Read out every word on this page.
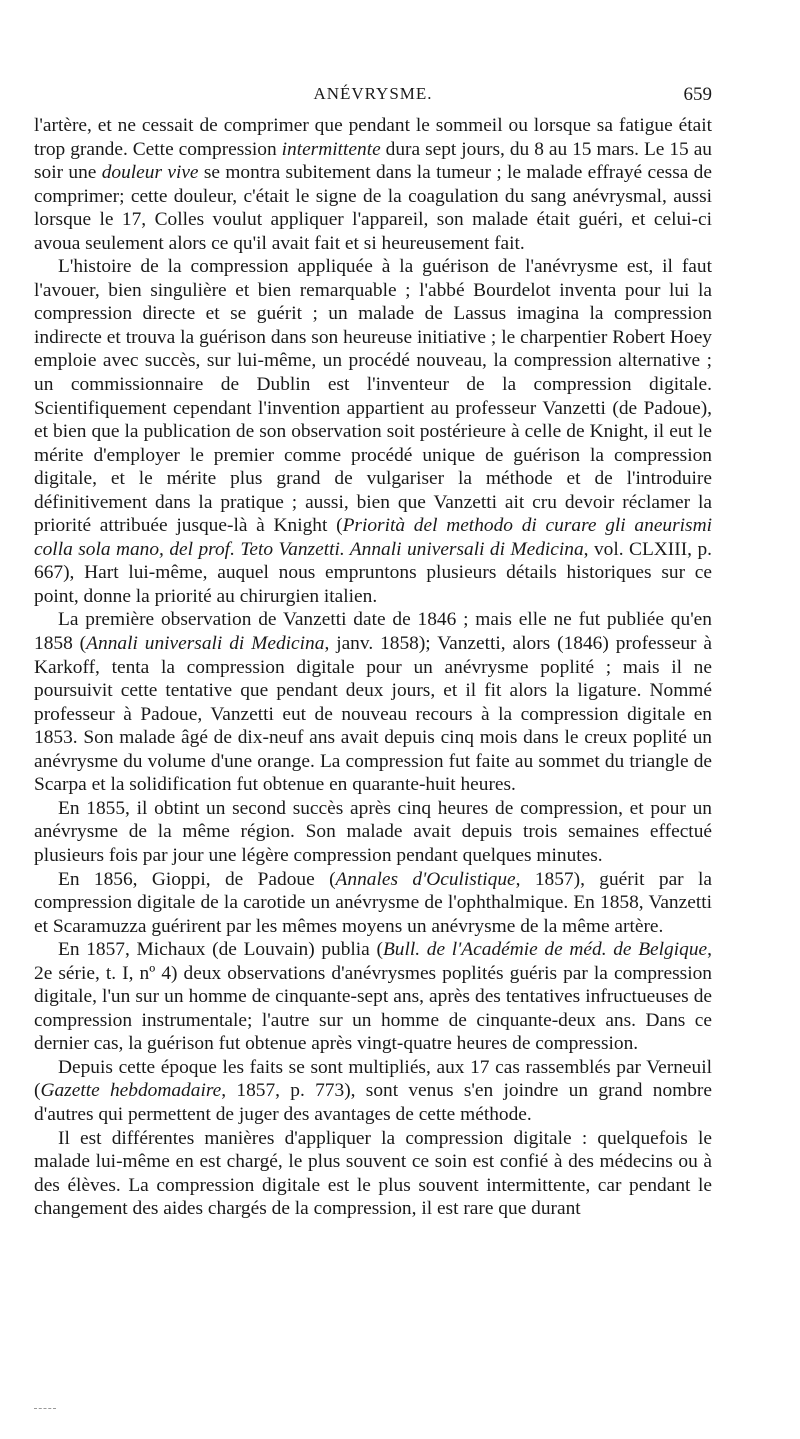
ANÉVRYSME.	659

l'artère, et ne cessait de comprimer que pendant le sommeil ou lorsque sa fatigue était trop grande. Cette compression intermittente dura sept jours, du 8 au 15 mars. Le 15 au soir une douleur vive se montra subitement dans la tumeur ; le malade effrayé cessa de comprimer; cette douleur, c'était le signe de la coagulation du sang anévrysmal, aussi lorsque le 17, Colles voulut appliquer l'appareil, son malade était guéri, et celui-ci avoua seulement alors ce qu'il avait fait et si heureusement fait.

L'histoire de la compression appliquée à la guérison de l'anévrysme est, il faut l'avouer, bien singulière et bien remarquable ; l'abbé Bourdelot inventa pour lui la compression directe et se guérit ; un malade de Lassus imagina la compression indirecte et trouva la guérison dans son heureuse initiative ; le charpentier Robert Hoey emploie avec succès, sur lui-même, un procédé nouveau, la compression alternative ; un commissionnaire de Dublin est l'inventeur de la compression digitale. Scientifiquement cependant l'invention appartient au professeur Vanzetti (de Padoue), et bien que la publication de son observation soit postérieure à celle de Knight, il eut le mérite d'employer le premier comme procédé unique de guérison la compression digitale, et le mérite plus grand de vulgariser la méthode et de l'introduire définitivement dans la pratique ; aussi, bien que Vanzetti ait cru devoir réclamer la priorité attribuée jusque-là à Knight (Priorità del methodo di curare gli aneurismi colla sola mano, del prof. Teto Vanzetti. Annali universali di Medicina, vol. CLXIII, p. 667), Hart lui-même, auquel nous empruntons plusieurs détails historiques sur ce point, donne la priorité au chirurgien italien.

La première observation de Vanzetti date de 1846 ; mais elle ne fut publiée qu'en 1858 (Annali universali di Medicina, janv. 1858); Vanzetti, alors (1846) professeur à Karkoff, tenta la compression digitale pour un anévrysme poplité ; mais il ne poursuivit cette tentative que pendant deux jours, et il fit alors la ligature. Nommé professeur à Padoue, Vanzetti eut de nouveau recours à la compression digitale en 1853. Son malade âgé de dix-neuf ans avait depuis cinq mois dans le creux poplité un anévrysme du volume d'une orange. La compression fut faite au sommet du triangle de Scarpa et la solidification fut obtenue en quarante-huit heures.

En 1855, il obtint un second succès après cinq heures de compression, et pour un anévrysme de la même région. Son malade avait depuis trois semaines effectué plusieurs fois par jour une légère compression pendant quelques minutes.

En 1856, Gioppi, de Padoue (Annales d'Oculistique, 1857), guérit par la compression digitale de la carotide un anévrysme de l'ophthalmique. En 1858, Vanzetti et Scaramuzza guérirent par les mêmes moyens un anévrysme de la même artère.

En 1857, Michaux (de Louvain) publia (Bull. de l'Académie de méd. de Belgique, 2e série, t. I, nº 4) deux observations d'anévrysmes poplités guéris par la compression digitale, l'un sur un homme de cinquante-sept ans, après des tentatives infructueuses de compression instrumentale; l'autre sur un homme de cinquante-deux ans. Dans ce dernier cas, la guérison fut obtenue après vingt-quatre heures de compression.

Depuis cette époque les faits se sont multipliés, aux 17 cas rassemblés par Verneuil (Gazette hebdomadaire, 1857, p. 773), sont venus s'en joindre un grand nombre d'autres qui permettent de juger des avantages de cette méthode.

Il est différentes manières d'appliquer la compression digitale : quelquefois le malade lui-même en est chargé, le plus souvent ce soin est confié à des médecins ou à des élèves. La compression digitale est le plus souvent intermittente, car pendant le changement des aides chargés de la compression, il est rare que durant
